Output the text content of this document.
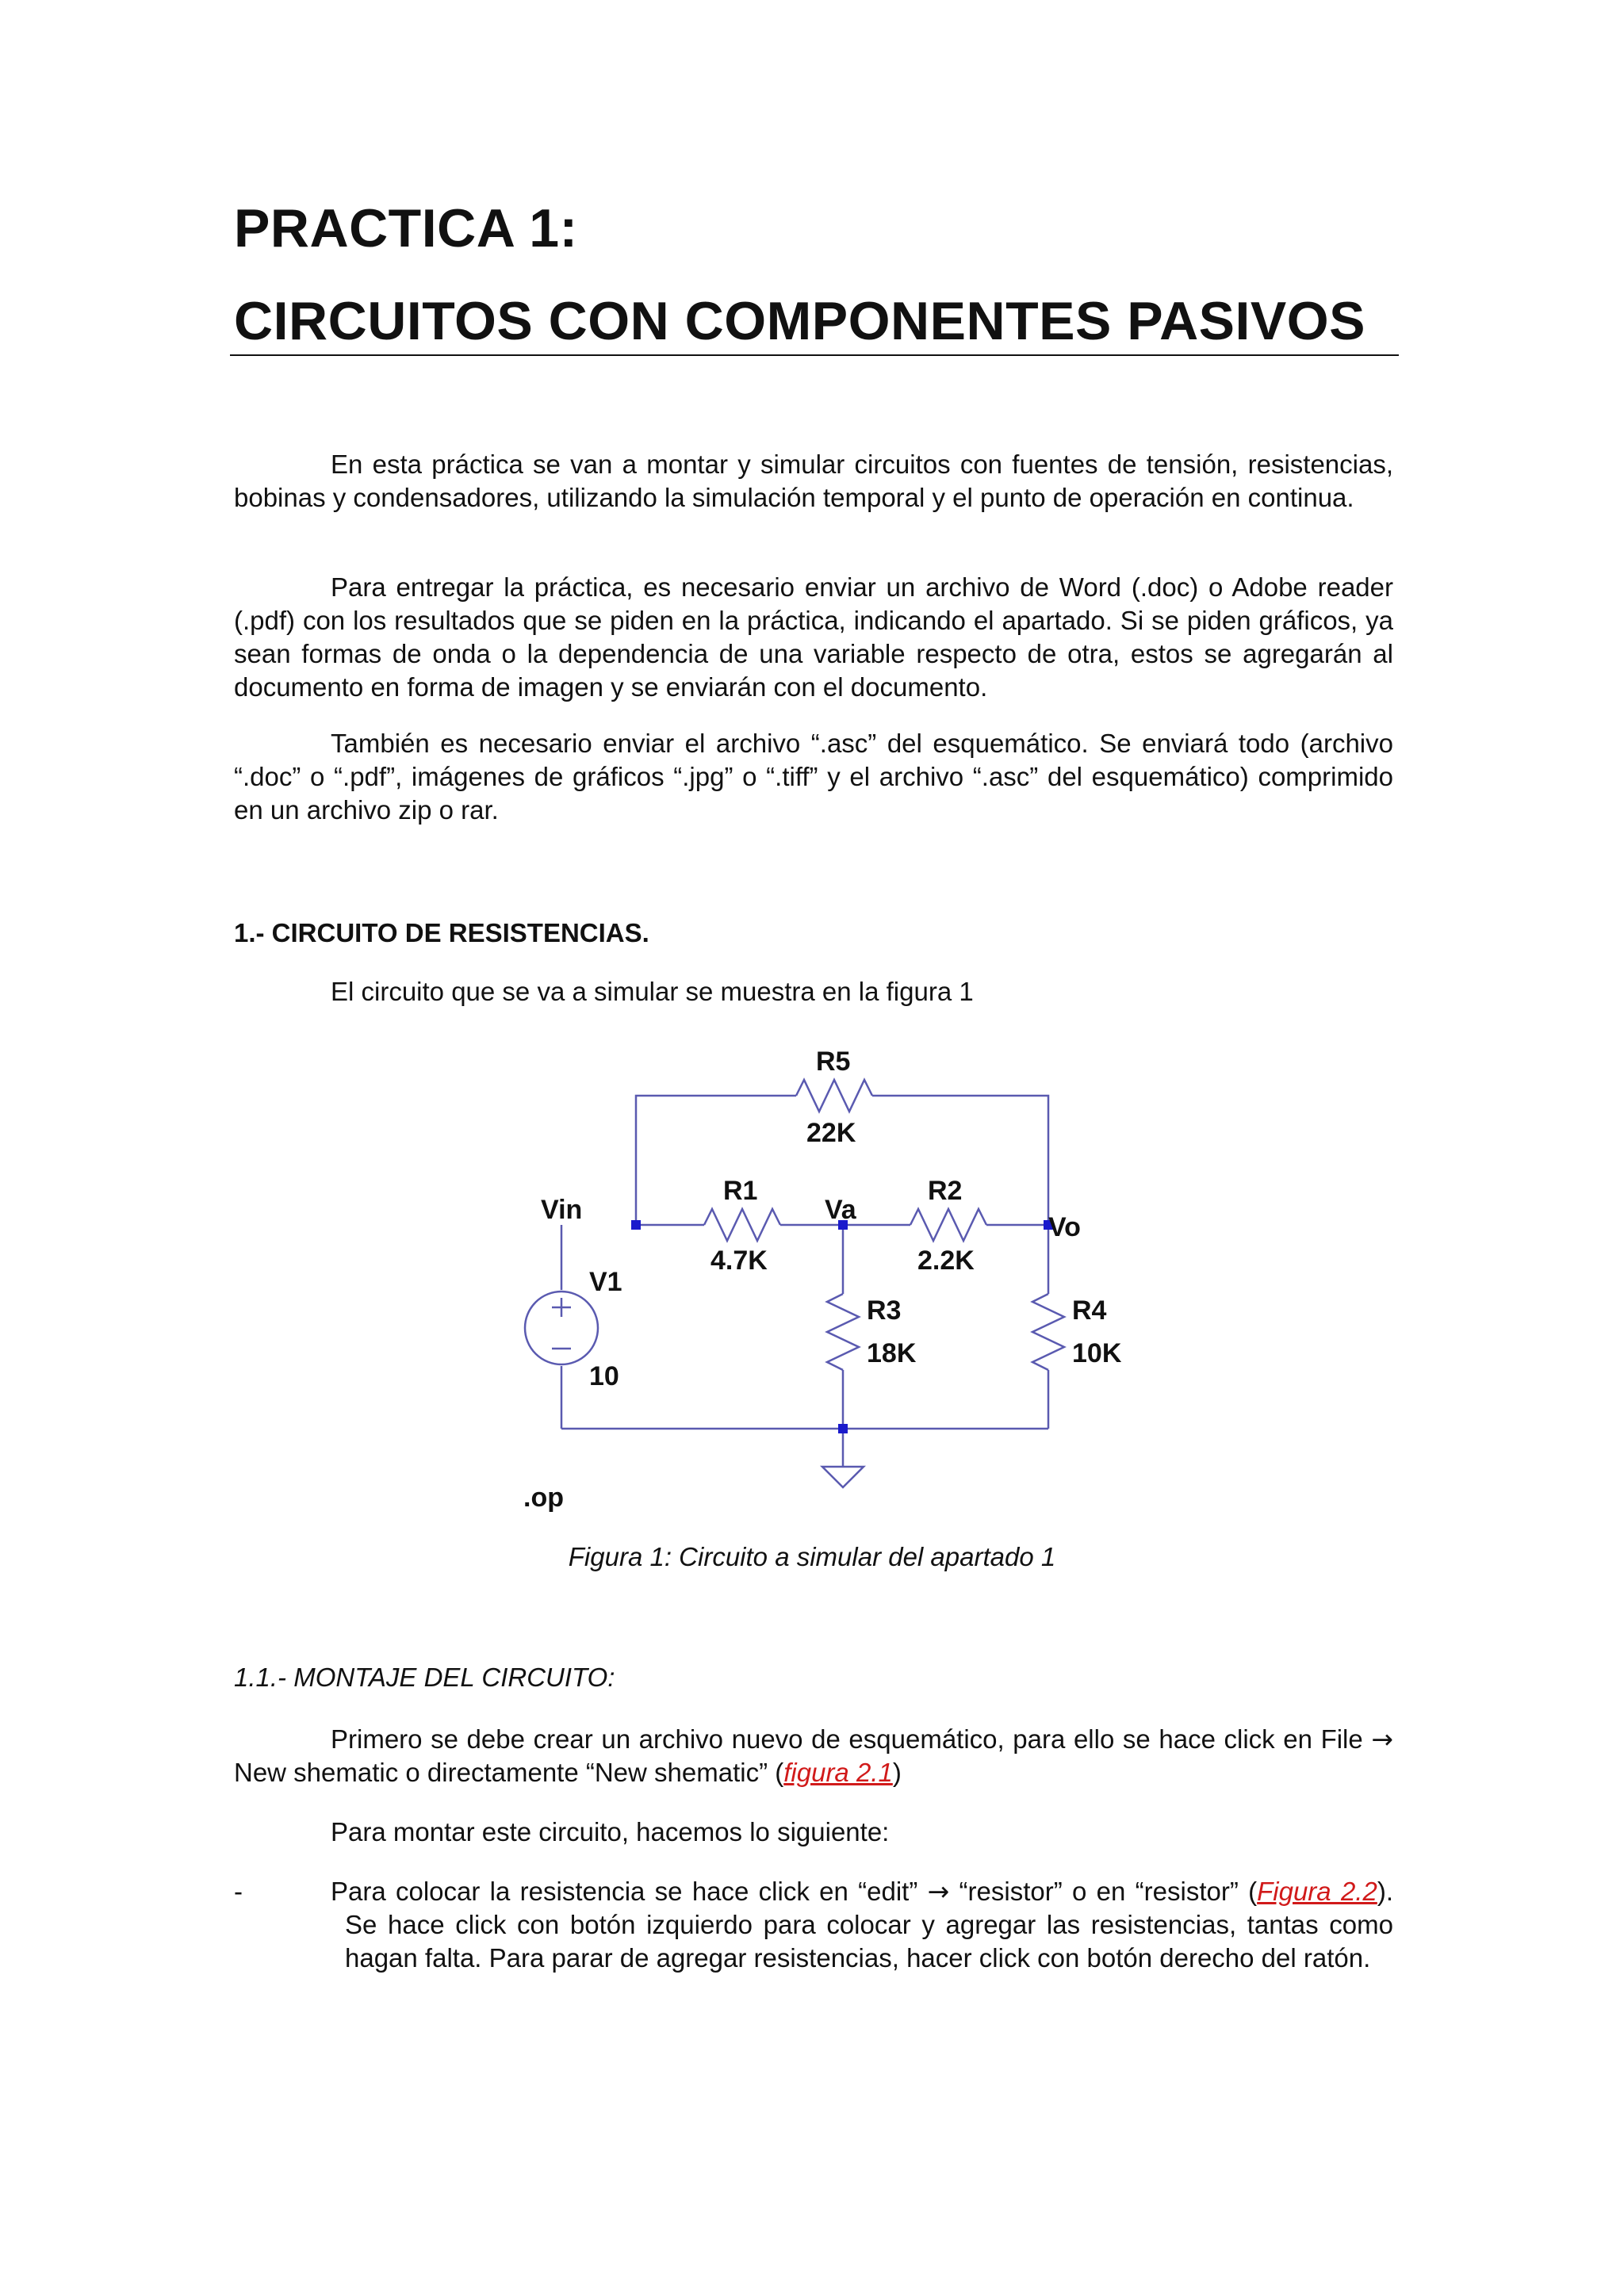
PRACTICA 1:
CIRCUITOS CON COMPONENTES PASIVOS

En esta práctica se van a montar y simular circuitos con fuentes de tensión, resistencias, bobinas y condensadores, utilizando la simulación temporal y el punto de operación en continua.

Para entregar la práctica, es necesario enviar un archivo de Word (.doc) o Adobe reader (.pdf) con los resultados que se piden en la práctica, indicando el apartado. Si se piden gráficos, ya sean formas de onda o la dependencia de una variable respecto de otra, estos se agregarán al documento en forma de imagen y se enviarán con el documento.

También es necesario enviar el archivo “.asc” del esquemático. Se enviará todo (archivo “.doc” o “.pdf”, imágenes de gráficos “.jpg” o “.tiff” y el archivo “.asc” del esquemático) comprimido en un archivo zip o rar.

1.- CIRCUITO DE RESISTENCIAS.
El circuito que se va a simular se muestra en la figura 1
R5
22K
R1
4.7K
R2
2.2K
R3
18K
R4
10K
Vin	Va
Vo
V1
10
.op
Figura 1: Circuito a simular del apartado 1
1.1.- MONTAJE DEL CIRCUITO:

Primero se debe crear un archivo nuevo de esquemático, para ello se hace click en File → New shematic o directamente “New shematic” (figura 2.1)

Para montar este circuito, hacemos lo siguiente:
-	Para colocar la resistencia se hace click en “edit” → “resistor” o en “resistor” (Figura 2.2). Se hace click con botón izquierdo para colocar y agregar las resistencias, tantas como hagan falta. Para parar de agregar resistencias, hacer click con botón derecho del ratón.
